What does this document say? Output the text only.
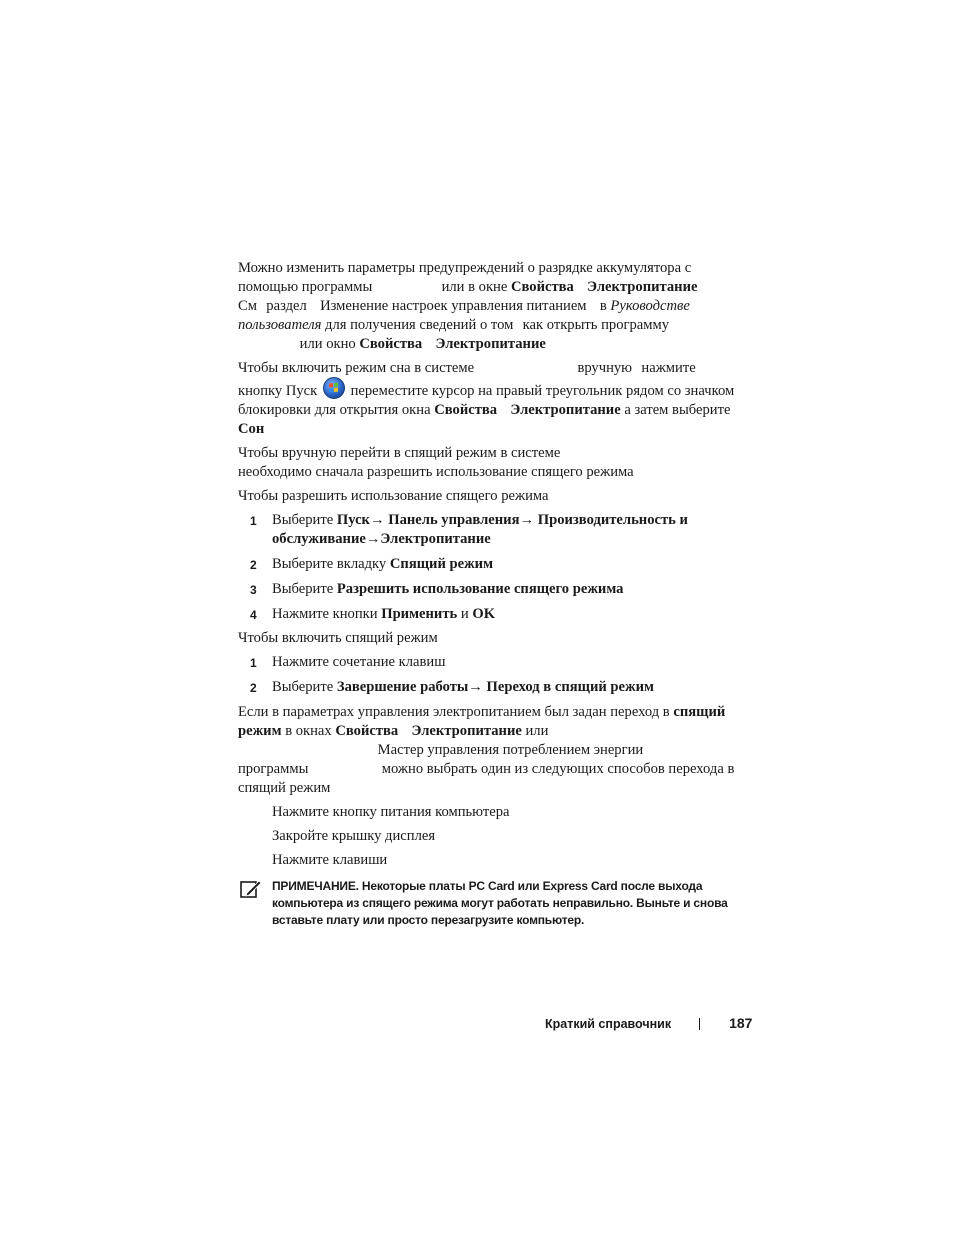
Можно изменить параметры предупреждений о разрядке аккумулятора с помощью программы	или в окне Свойства Электропитание
См раздел Изменение настроек управления питанием в Руководстве пользователя для получения сведений о том как открыть программу
или окно Свойства Электропитание

Чтобы включить режим сна в системе	вручную нажмите кнопку Пуск переместите курсор на правый треугольник рядом со значком блокировки для открытия окна Свойства Электропитание а затем выберите Сон

Чтобы вручную перейти в спящий режим в системе
необходимо сначала разрешить использование спящего режима

Чтобы разрешить использование спящего режима

1 Выберите Пуск→ Панель управления→ Производительность и обслуживание→Электропитание
2 Выберите вкладку Спящий режим
3 Выберите Разрешить использование спящего режима
4 Нажмите кнопки Применить и OK

Чтобы включить спящий режим

1 Нажмите сочетание клавиш
2 Выберите Завершение работы→ Переход в спящий режим

Если в параметрах управления электропитанием был задан переход в спящий режим в окнах Свойства Электропитание или
Мастер управления потреблением энергии
программы	можно выбрать один из следующих способов перехода в спящий режим

Нажмите кнопку питания компьютера
Закройте крышку дисплея
Нажмите клавиши
ПРИМЕЧАНИЕ. Некоторые платы PC Card или Express Card после выхода компьютера из спящего режима могут работать неправильно. Выньте и снова вставьте плату или просто перезагрузите компьютер.
Краткий справочник	187
